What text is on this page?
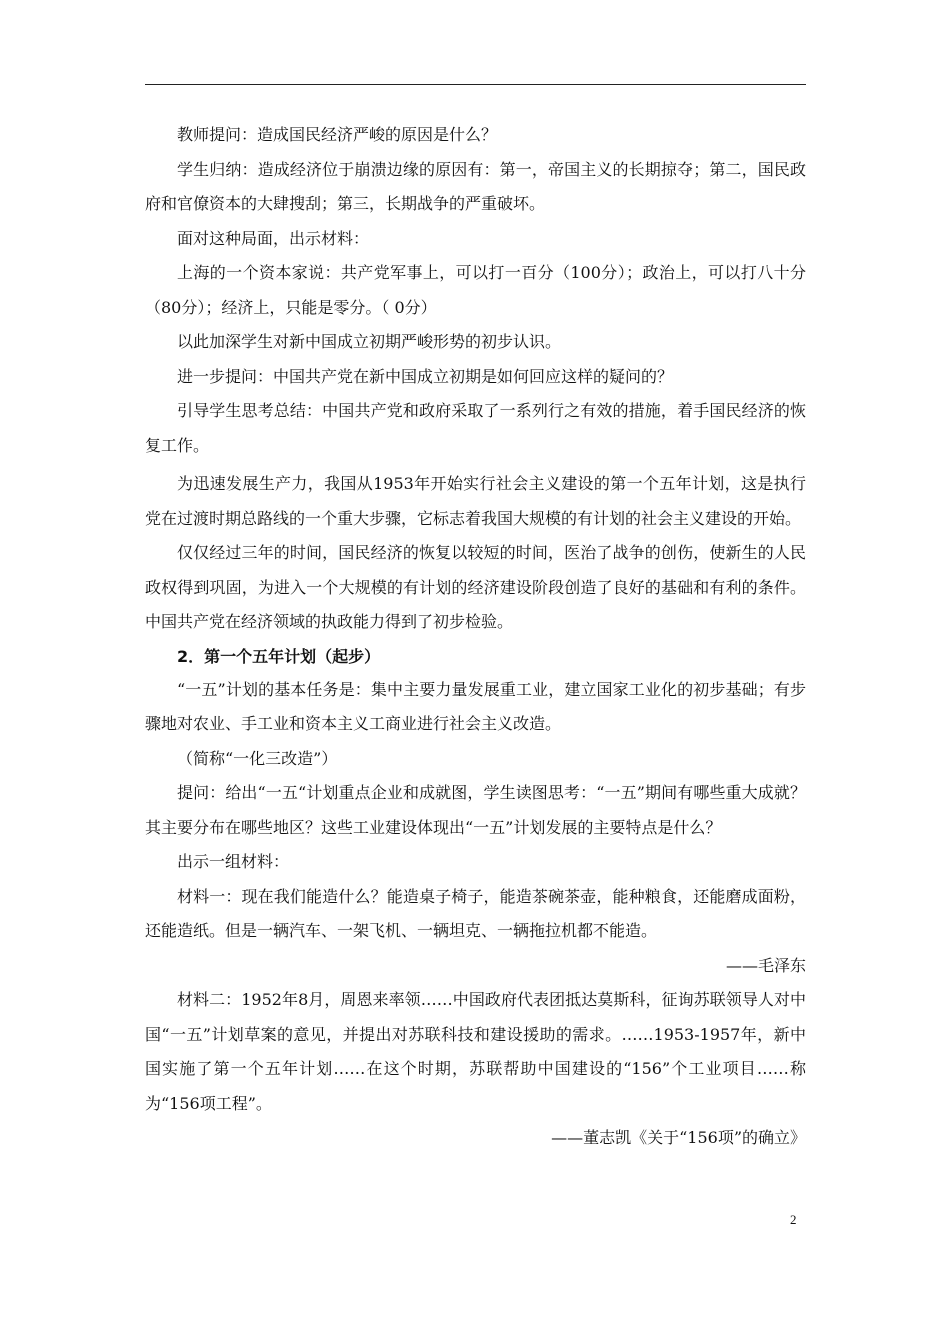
教师提问：造成国民经济严峻的原因是什么？

学生归纳：造成经济位于崩溃边缘的原因有：第一，帝国主义的长期掠夺；第二，国民政府和官僚资本的大肆搜刮；第三，长期战争的严重破坏。

面对这种局面，出示材料：

上海的一个资本家说：共产党军事上，可以打一百分（100分）；政治上，可以打八十分（80分）；经济上，只能是零分。（ 0分）

以此加深学生对新中国成立初期严峻形势的初步认识。

进一步提问：中国共产党在新中国成立初期是如何回应这样的疑问的？

引导学生思考总结：中国共产党和政府采取了一系列行之有效的措施，着手国民经济的恢复工作。

为迅速发展生产力，我国从1953年开始实行社会主义建设的第一个五年计划，这是执行党在过渡时期总路线的一个重大步骤，它标志着我国大规模的有计划的社会主义建设的开始。

仅仅经过三年的时间，国民经济的恢复以较短的时间，医治了战争的创伤，使新生的人民政权得到巩固，为进入一个大规模的有计划的经济建设阶段创造了良好的基础和有利的条件。中国共产党在经济领域的执政能力得到了初步检验。

2．第一个五年计划（起步）

“一五”计划的基本任务是：集中主要力量发展重工业，建立国家工业化的初步基础；有步骤地对农业、手工业和资本主义工商业进行社会主义改造。

（简称“一化三改造”）

提问：给出“一五“计划重点企业和成就图，学生读图思考：“一五”期间有哪些重大成就？其主要分布在哪些地区？这些工业建设体现出“一五”计划发展的主要特点是什么？

出示一组材料：

材料一：现在我们能造什么？能造桌子椅子，能造茶碗茶壶，能种粮食，还能磨成面粉，还能造纸。但是一辆汽车、一架飞机、一辆坦克、一辆拖拉机都不能造。

——毛泽东

材料二：1952年8月，周恩来率领……中国政府代表团抵达莫斯科，征询苏联领导人对中国“一五”计划草案的意见，并提出对苏联科技和建设援助的需求。……1953-1957年，新中国实施了第一个五年计划……在这个时期，苏联帮助中国建设的“156”个工业项目……称为“156项工程”。

——董志凯《关于“156项”的确立》

2
